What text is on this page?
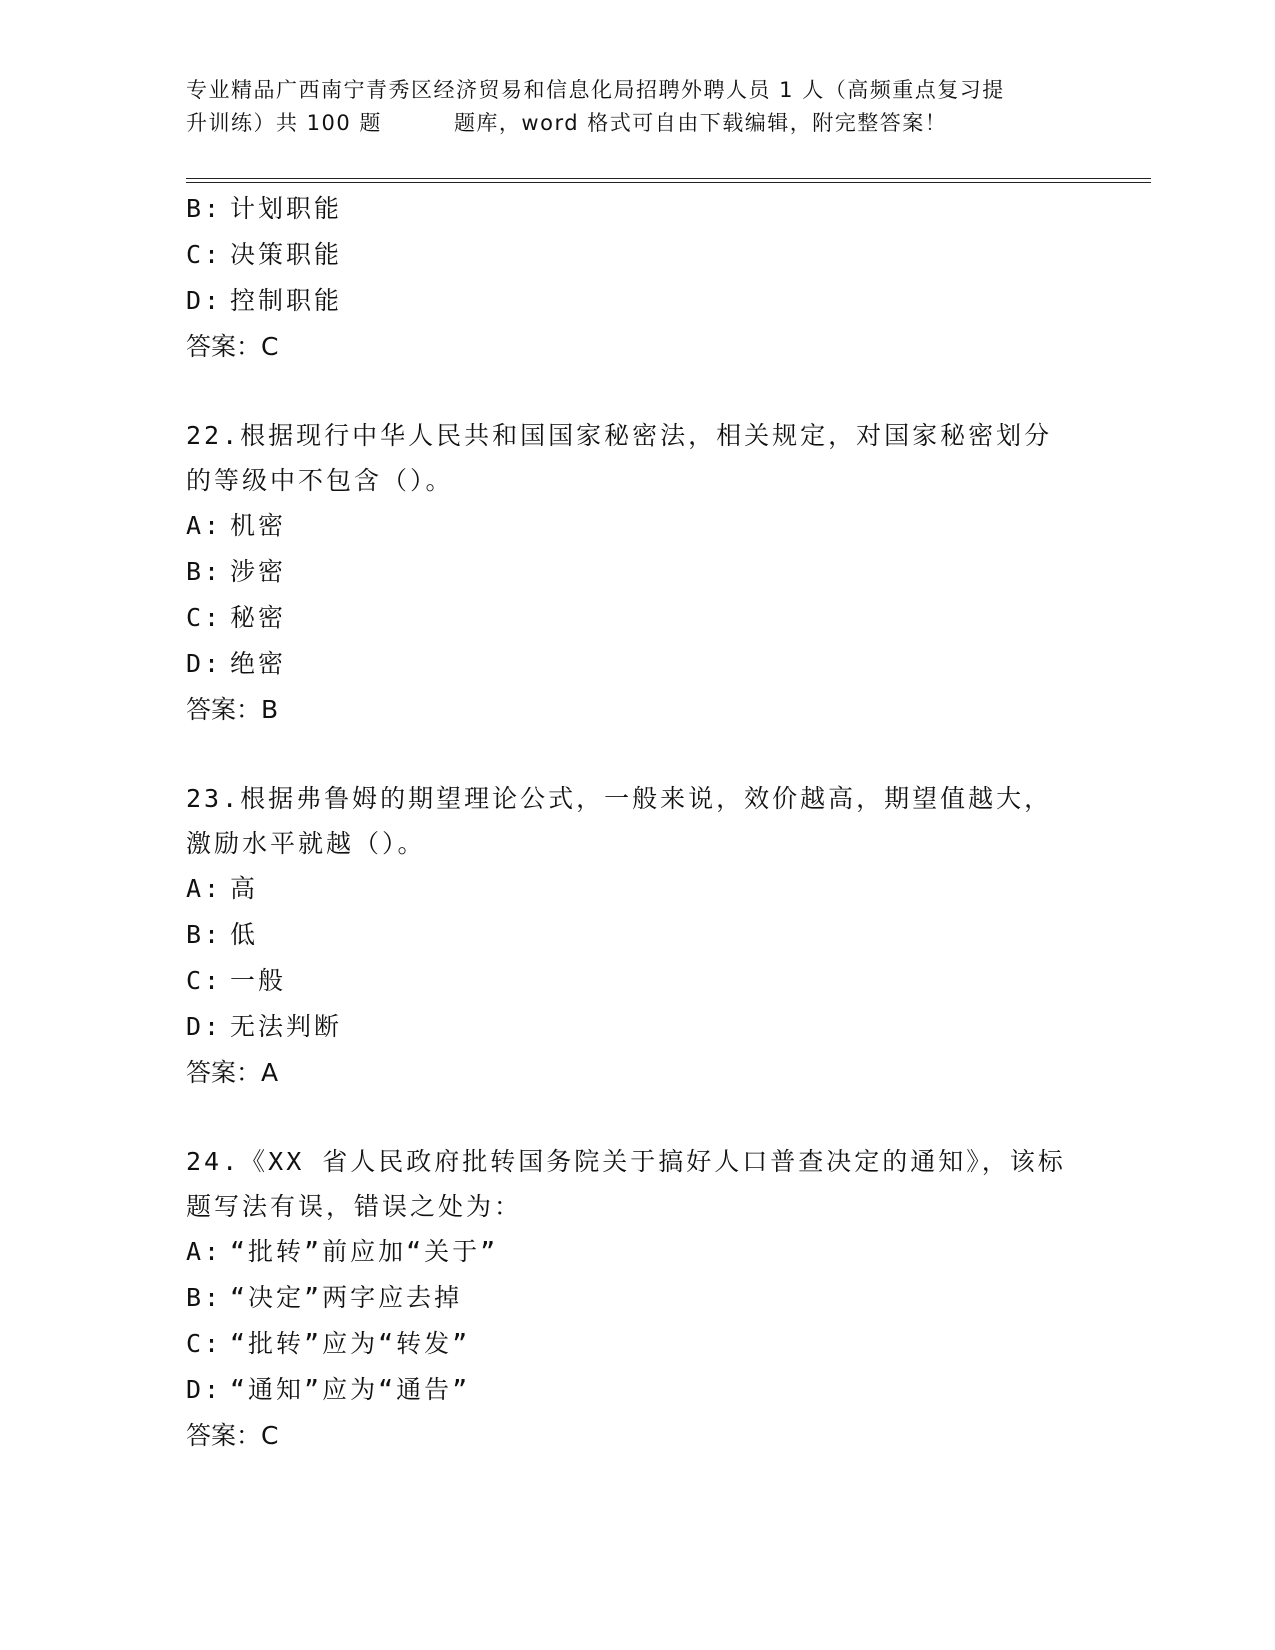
专业精品广西南宁青秀区经济贸易和信息化局招聘外聘人员 1 人（高频重点复习提
升训练）共 100 题	题库，word 格式可自由下载编辑，附完整答案！
B: 计划职能
C: 决策职能
D: 控制职能
答案：C
22.根据现行中华人民共和国国家秘密法，相关规定，对国家秘密划分
的等级中不包含（）。
A: 机密
B: 涉密
C: 秘密
D: 绝密
答案：B
23.根据弗鲁姆的期望理论公式，一般来说，效价越高，期望值越大，
激励水平就越（）。
A: 高
B: 低
C: 一般
D: 无法判断
答案：A
24.《XX 省人民政府批转国务院关于搞好人口普查决定的通知》，该标
题写法有误，错误之处为：
A: “批转”前应加“关于”
B: “决定”两字应去掉
C: “批转”应为“转发”
D: “通知”应为“通告”
答案：C
